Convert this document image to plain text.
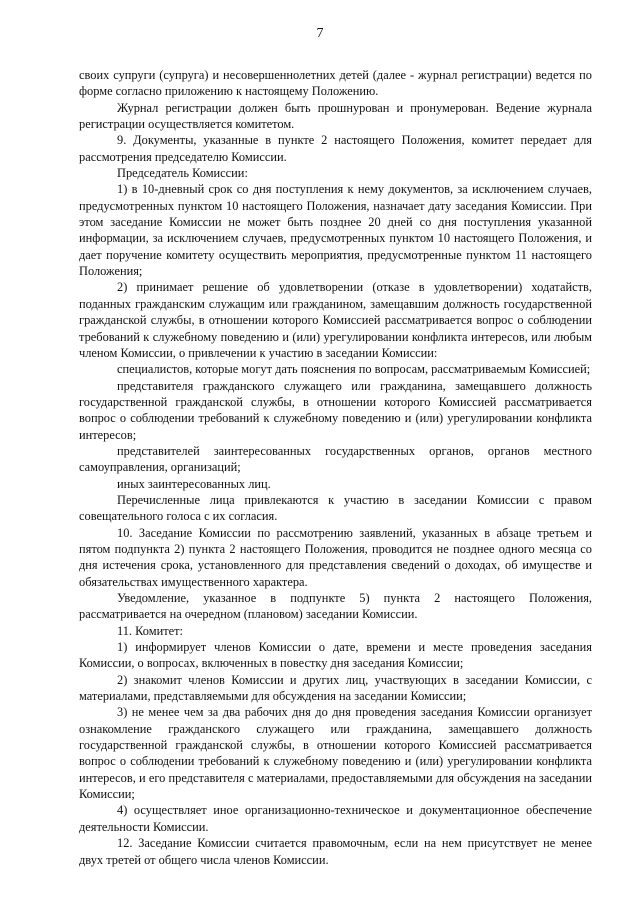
7

своих супруги (супруга) и несовершеннолетних детей (далее - журнал регистрации) ведется по форме согласно приложению к настоящему Положению.

Журнал регистрации должен быть прошнурован и пронумерован. Ведение журнала регистрации осуществляется комитетом.

9. Документы, указанные в пункте 2 настоящего Положения, комитет передает для рассмотрения председателю Комиссии.

Председатель Комиссии:

1) в 10-дневный срок со дня поступления к нему документов, за исключением случаев, предусмотренных пунктом 10 настоящего Положения, назначает дату заседания Комиссии. При этом заседание Комиссии не может быть позднее 20 дней со дня поступления указанной информации, за исключением случаев, предусмотренных пунктом 10 настоящего Положения, и дает поручение комитету осуществить мероприятия, предусмотренные пунктом 11 настоящего Положения;

2) принимает решение об удовлетворении (отказе в удовлетворении) ходатайств, поданных гражданским служащим или гражданином, замещавшим должность государственной гражданской службы, в отношении которого Комиссией рассматривается вопрос о соблюдении требований к служебному поведению и (или) урегулировании конфликта интересов, или любым членом Комиссии, о привлечении к участию в заседании Комиссии:

специалистов, которые могут дать пояснения по вопросам, рассматриваемым Комиссией;

представителя гражданского служащего или гражданина, замещавшего должность государственной гражданской службы, в отношении которого Комиссией рассматривается вопрос о соблюдении требований к служебному поведению и (или) урегулировании конфликта интересов;

представителей заинтересованных государственных органов, органов местного самоуправления, организаций;

иных заинтересованных лиц.

Перечисленные лица привлекаются к участию в заседании Комиссии с правом совещательного голоса с их согласия.

10. Заседание Комиссии по рассмотрению заявлений, указанных в абзаце третьем и пятом подпункта 2) пункта 2 настоящего Положения, проводится не позднее одного месяца со дня истечения срока, установленного для представления сведений о доходах, об имуществе и обязательствах имущественного характера.

Уведомление, указанное в подпункте 5) пункта 2 настоящего Положения, рассматривается на очередном (плановом) заседании Комиссии.

11. Комитет:

1) информирует членов Комиссии о дате, времени и месте проведения заседания Комиссии, о вопросах, включенных в повестку дня заседания Комиссии;

2) знакомит членов Комиссии и других лиц, участвующих в заседании Комиссии, с материалами, представляемыми для обсуждения на заседании Комиссии;

3) не менее чем за два рабочих дня до дня проведения заседания Комиссии организует ознакомление гражданского служащего или гражданина, замещавшего должность государственной гражданской службы, в отношении которого Комиссией рассматривается вопрос о соблюдении требований к служебному поведению и (или) урегулировании конфликта интересов, и его представителя с материалами, предоставляемыми для обсуждения на заседании Комиссии;

4) осуществляет иное организационно-техническое и документационное обеспечение деятельности Комиссии.

12. Заседание Комиссии считается правомочным, если на нем присутствует не менее двух третей от общего числа членов Комиссии.
